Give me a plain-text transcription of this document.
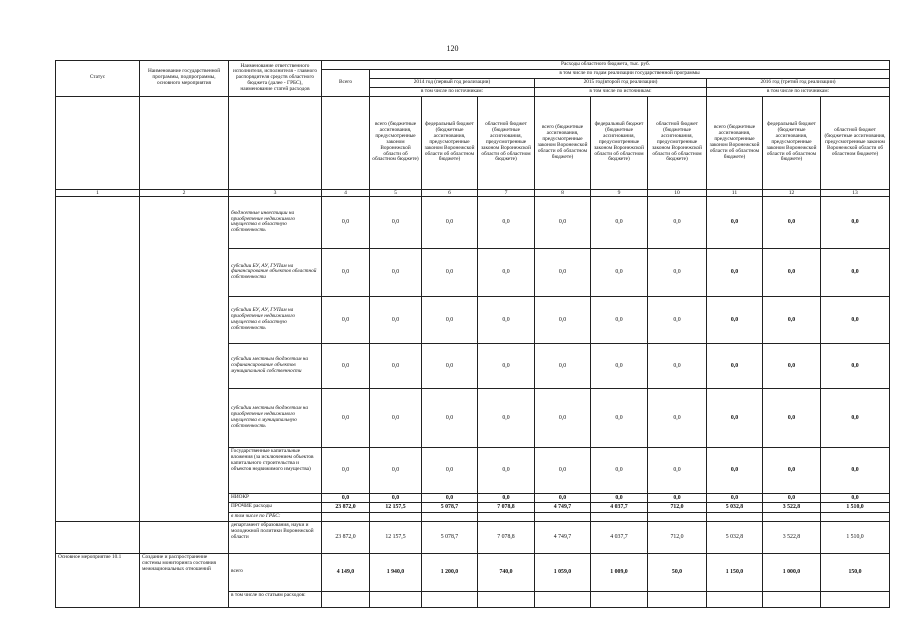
120
Статус	Наименование государственной программы, подпрограммы, основного мероприятия	Наименование ответственного исполнителя, исполнителя - главного распорядителя средств областного бюджета (далее - ГРБС), наименование статей расходов	Расходы областного бюджета, тыс. руб.									
			Всего	в том числе по годам реализации государственной программы								
				2014 год (первый год реализации)			2015 год(второй год реализации)			2016 год (третий год реализации)		
				в том числе по источникам:			в том числе по источникам:			в том числе по источникам:		
				всего (бюджетные ассигнования, предусмотренные законом Воронежской области об областном бюджете)	федеральный бюджет (бюджетные ассигнования, предусмотренные законом Воронежской области об областном бюджете)	областной бюджет (бюджетные ассигнования, предусмотренные законом Воронежской области об областном бюджете)	всего (бюджетные ассигнования, предусмотренные законом Воронежской области об областном бюджете)	федеральный бюджет (бюджетные ассигнования, предусмотренные законом Воронежской области об областном бюджете)	областной бюджет (бюджетные ассигнования, предусмотренные законом Воронежской области об областном бюджете)	всего (бюджетные ассигнования, предусмотренные законом Воронежской области об областном бюджете)	федеральный бюджет (бюджетные ассигнования, предусмотренные законом Воронежской области об областном бюджете)	областной бюджет (бюджетные ассигнования, предусмотренные законом Воронежской области об областном бюджете)
1	2	3	4	5	6	7	8	9	10	11	12	13
		бюджетные инвестиции на приобретение недвижимого имущества в областную собственность	0,0	0,0	0,0	0,0	0,0	0,0	0,0	0,0	0,0	0,0
		субсидии БУ, АУ, ГУПам на финансирование объектов областной собственности	0,0	0,0	0,0	0,0	0,0	0,0	0,0	0,0	0,0	0,0
		субсидии БУ, АУ, ГУПам на приобретение недвижимого имущества в областную собственность	0,0	0,0	0,0	0,0	0,0	0,0	0,0	0,0	0,0	0,0
		субсидии местным бюджетам на софинансирование объектов муниципальной собственности	0,0	0,0	0,0	0,0	0,0	0,0	0,0	0,0	0,0	0,0
		субсидии местным бюджетам на приобретение недвижимого имущества в муниципальную собственность	0,0	0,0	0,0	0,0	0,0	0,0	0,0	0,0	0,0	0,0
		Государственные капитальные вложения (за исключением объектов капитального строительства и объектов недвижимого имущества)	0,0	0,0	0,0	0,0	0,0	0,0	0,0	0,0	0,0	0,0
		НИОКР	0,0	0,0	0,0	0,0	0,0	0,0	0,0	0,0	0,0	0,0
		ПРОЧИЕ расходы	23 872,0	12 157,5	5 078,7	7 078,8	4 749,7	4 037,7	712,0	5 032,8	3 522,8	1 510,0
		в том числе по ГРБС:										
		департамент образования, науки и молодежной политики Воронежской области	23 872,0	12 157,5	5 078,7	7 078,8	4 749,7	4 037,7	712,0	5 032,8	3 522,8	1 510,0
Основное мероприятие 10.1	Создание и распространение системы мониторинга состояния межнациональных отношений	всего	4 149,0	1 940,0	1 200,0	740,0	1 059,0	1 009,0	50,0	1 150,0	1 000,0	150,0
		в том числе по статьям расходов:										
